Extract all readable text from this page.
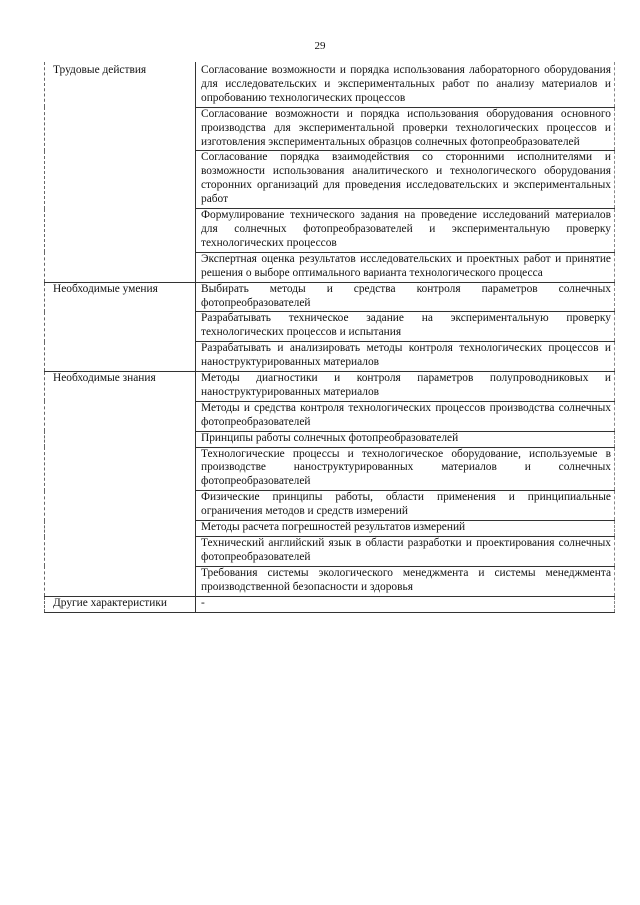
29
Трудовые действия	Согласование возможности и порядка использования лабораторного оборудования для исследовательских и экспериментальных работ по анализу материалов и опробованию технологических процессов
	Согласование возможности и порядка использования оборудования основного производства для экспериментальной проверки технологических процессов и изготовления экспериментальных образцов солнечных фотопреобразователей
	Согласование порядка взаимодействия со сторонними исполнителями и возможности использования аналитического и технологического оборудования сторонних организаций для проведения исследовательских и экспериментальных работ
	Формулирование технического задания на проведение исследований материалов для солнечных фотопреобразователей и экспериментальную проверку технологических процессов
	Экспертная оценка результатов исследовательских и проектных работ и принятие решения о выборе оптимального варианта технологического процесса
Необходимые умения	Выбирать методы и средства контроля параметров солнечных фотопреобразователей
	Разрабатывать техническое задание на экспериментальную проверку технологических процессов и испытания
	Разрабатывать и анализировать методы контроля технологических процессов и наноструктурированных материалов
Необходимые знания	Методы диагностики и контроля параметров полупроводниковых и наноструктурированных материалов
	Методы и средства контроля технологических процессов производства солнечных фотопреобразователей
	Принципы работы солнечных фотопреобразователей
	Технологические процессы и технологическое оборудование, используемые в производстве наноструктурированных материалов и солнечных фотопреобразователей
	Физические принципы работы, области применения и принципиальные ограничения методов и средств измерений
	Методы расчета погрешностей результатов измерений
	Технический английский язык в области разработки и проектирования солнечных фотопреобразователей
	Требования системы экологического менеджмента и системы менеджмента производственной безопасности и здоровья
Другие характеристики	-
